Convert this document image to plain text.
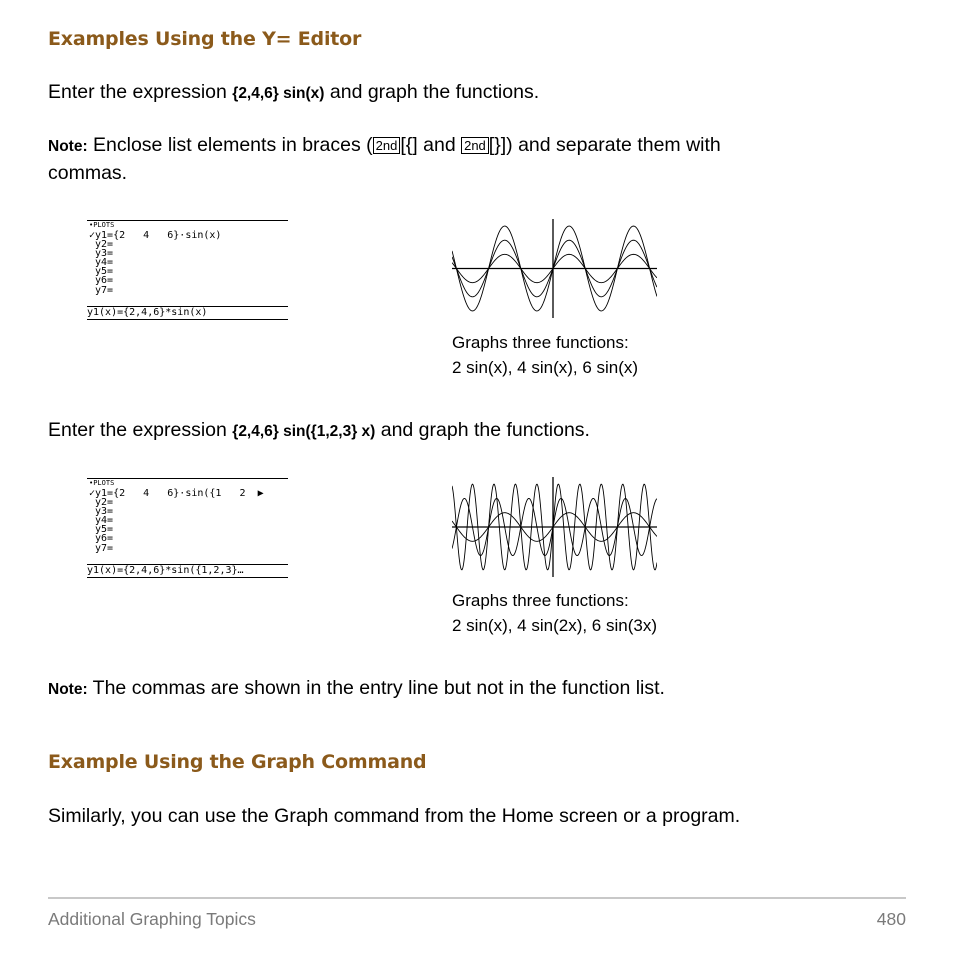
Examples Using the Y= Editor
Enter the expression {2,4,6} sin(x) and graph the functions.
Note: Enclose list elements in braces ( 2nd [{] and 2nd [}]) and separate them with
commas.
•PLOTS
✓y1={2   4   6}·sin(x)
y2=
y3=
y4=
y5=
y6=
y7=
y1(x)={2,4,6}*sin(x)
Graphs three functions:
2 sin(x), 4 sin(x), 6 sin(x)
Enter the expression {2,4,6} sin({1,2,3} x) and graph the functions.
•PLOTS
✓y1={2   4   6}·sin({1   2  ▶
y2=
y3=
y4=
y5=
y6=
y7=
y1(x)={2,4,6}*sin({1,2,3}…
Graphs three functions:
2 sin(x), 4 sin(2x), 6 sin(3x)
Note: The commas are shown in the entry line but not in the function list.
Example Using the Graph Command
Similarly, you can use the Graph command from the Home screen or a program.
Additional Graphing Topics	480
